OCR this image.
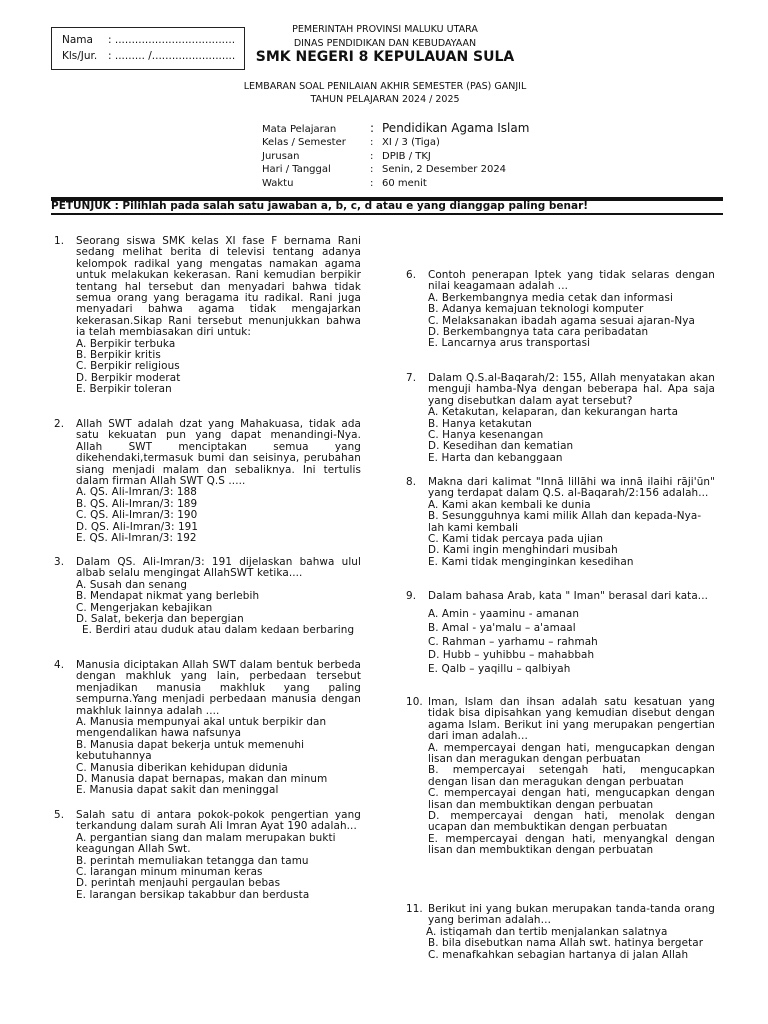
Nama : ....................................
Kls/Jur. : ......... /.........................
PEMERINTAH PROVINSI MALUKU UTARA
DINAS PENDIDIKAN DAN KEBUDAYAAN
SMK NEGERI 8 KEPULAUAN SULA
LEMBARAN SOAL PENILAIAN AKHIR SEMESTER (PAS) GANJIL
TAHUN PELAJARAN 2024 / 2025
Mata Pelajaran	: Pendidikan Agama Islam
Kelas / Semester : XI / 3 (Tiga)
Jurusan	: DPIB / TKJ
Hari / Tanggal	: Senin, 2 Desember 2024
Waktu	: 60 menit
PETUNJUK : Pilihlah pada salah satu jawaban a, b, c, d atau e yang dianggap paling benar!
1. Seorang siswa SMK kelas XI fase F bernama Rani sedang melihat berita di televisi tentang adanya kelompok radikal yang mengatas namakan agama untuk melakukan kekerasan. Rani kemudian berpikir tentang hal tersebut dan menyadari bahwa tidak semua orang yang beragama itu radikal. Rani juga menyadari bahwa agama tidak mengajarkan kekerasan.Sikap Rani tersebut menunjukkan bahwa ia telah membiasakan diri untuk:
A. Berpikir terbuka
B. Berpikir kritis
C. Berpikir religious
D. Berpikir moderat
E. Berpikir toleran
2. Allah SWT adalah dzat yang Mahakuasa, tidak ada satu kekuatan pun yang dapat menandingi-Nya. Allah SWT menciptakan semua yang dikehendaki,termasuk bumi dan seisinya, perubahan siang menjadi malam dan sebaliknya. Ini tertulis dalam firman Allah SWT Q.S .....
A. QS. Ali-Imran/3: 188
B. QS. Ali-Imran/3: 189
C. QS. Ali-Imran/3: 190
D. QS. Ali-Imran/3: 191
E. QS. Ali-Imran/3: 192
3. Dalam QS. Ali-Imran/3: 191 dijelaskan bahwa ulul albab selalu mengingat AllahSWT ketika....
A. Susah dan senang
B. Mendapat nikmat yang berlebih
C. Mengerjakan kebajikan
D. Salat, bekerja dan bepergian
E. Berdiri atau duduk atau dalam kedaan berbaring
4. Manusia diciptakan Allah SWT dalam bentuk berbeda dengan makhluk yang lain, perbedaan tersebut menjadikan manusia makhluk yang paling sempurna.Yang menjadi perbedaan manusia dengan makhluk lainnya adalah ....
A. Manusia mempunyai akal untuk berpikir dan mengendalikan hawa nafsunya
B. Manusia dapat bekerja untuk memenuhi kebutuhannya
C. Manusia diberikan kehidupan didunia
D. Manusia dapat bernapas, makan dan minum
E. Manusia dapat sakit dan meninggal
5. Salah satu di antara pokok-pokok pengertian yang terkandung dalam surah Ali Imran Ayat 190 adalah...
A. pergantian siang dan malam merupakan bukti keagungan Allah Swt.
B. perintah memuliakan tetangga dan tamu
C. larangan minum minuman keras
D. perintah menjauhi pergaulan bebas
E. larangan bersikap takabbur dan berdusta
6. Contoh penerapan Iptek yang tidak selaras dengan nilai keagamaan adalah ...
A. Berkembangnya media cetak dan informasi
B. Adanya kemajuan teknologi komputer
C. Melaksanakan ibadah agama sesuai ajaran-Nya
D. Berkembangnya tata cara peribadatan
E. Lancarnya arus transportasi
7. Dalam Q.S.al-Baqarah/2: 155, Allah menyatakan akan menguji hamba-Nya dengan beberapa hal. Apa saja yang disebutkan dalam ayat tersebut?
A. Ketakutan, kelaparan, dan kekurangan harta
B. Hanya ketakutan
C. Hanya kesenangan
D. Kesedihan dan kematian
E. Harta dan kebanggaan
8. Makna dari kalimat "Innā lillāhi wa innā ilaihi rāji'ūn" yang terdapat dalam Q.S. al-Baqarah/2:156 adalah...
A. Kami akan kembali ke dunia
B. Sesungguhnya kami milik Allah dan kepada-Nya-lah kami kembali
C. Kami tidak percaya pada ujian
D. Kami ingin menghindari musibah
E. Kami tidak menginginkan kesedihan
9. Dalam bahasa Arab, kata " Iman" berasal dari kata...
A. Amin - yaaminu - amanan
B. Amal - ya'malu – a'amaal
C. Rahman – yarhamu – rahmah
D. Hubb – yuhibbu – mahabbah
E. Qalb – yaqillu – qalbiyah
10. Iman, Islam dan ihsan adalah satu kesatuan yang tidak bisa dipisahkan yang kemudian disebut dengan agama Islam. Berikut ini yang merupakan pengertian dari iman adalah…
A. mempercayai dengan hati, mengucapkan dengan lisan dan meragukan dengan perbuatan
B. mempercayai setengah hati, mengucapkan dengan lisan dan meragukan dengan perbuatan
C. mempercayai dengan hati, mengucapkan dengan lisan dan membuktikan dengan perbuatan
D. mempercayai dengan hati, menolak dengan ucapan dan membuktikan dengan perbuatan
E. mempercayai dengan hati, menyangkal dengan lisan dan membuktikan dengan perbuatan
11. Berikut ini yang bukan merupakan tanda-tanda orang yang beriman adalah…
A. istiqamah dan tertib menjalankan salatnya
B. bila disebutkan nama Allah swt. hatinya bergetar
C. menafkahkan sebagian hartanya di jalan Allah
